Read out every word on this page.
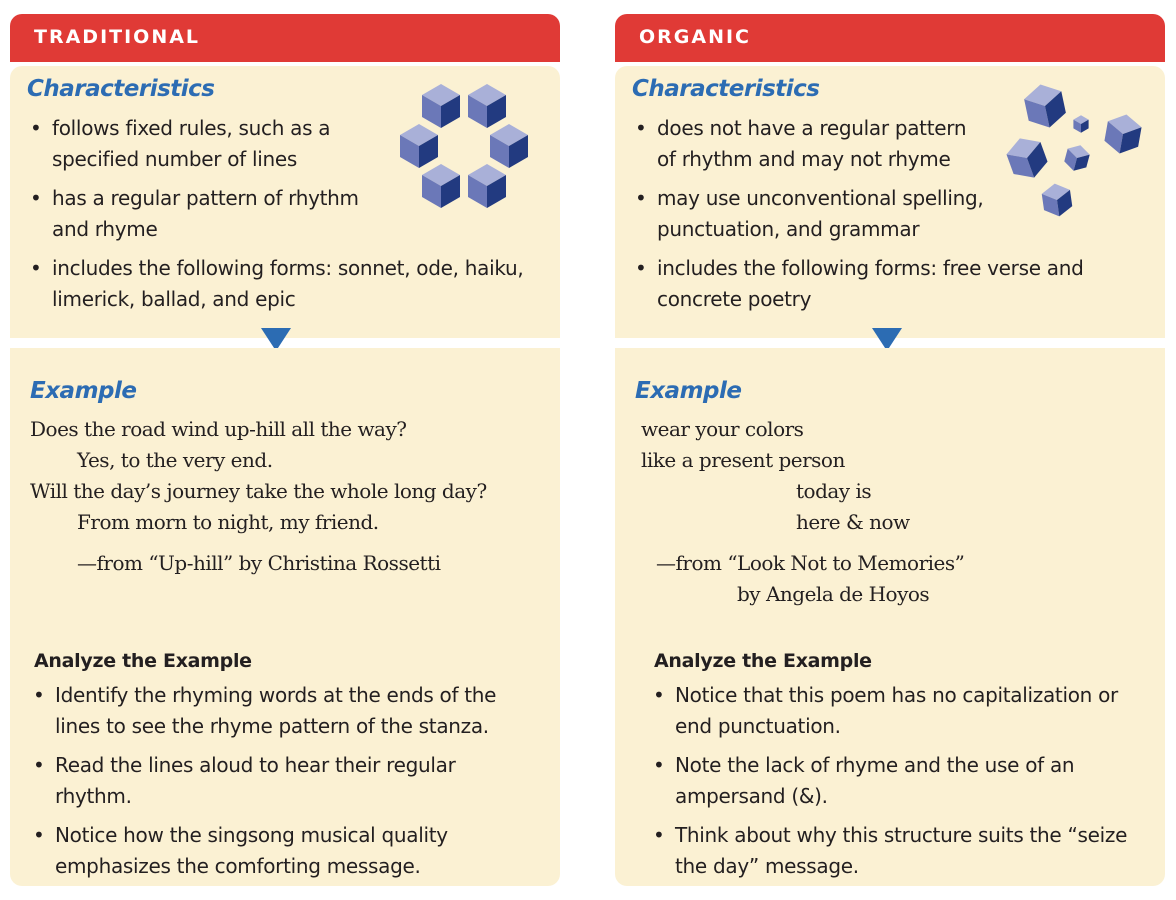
TRADITIONAL
Characteristics
• follows fixed rules, such as a specified number of lines
• has a regular pattern of rhythm and rhyme
• includes the following forms: sonnet, ode, haiku, limerick, ballad, and epic
Example
Does the road wind up-hill all the way?
Yes, to the very end.
Will the day’s journey take the whole long day?
From morn to night, my friend.
—from “Up-hill” by Christina Rossetti
Analyze the Example
• Identify the rhyming words at the ends of the lines to see the rhyme pattern of the stanza.
• Read the lines aloud to hear their regular rhythm.
• Notice how the singsong musical quality emphasizes the comforting message.
ORGANIC
Characteristics
• does not have a regular pattern of rhythm and may not rhyme
• may use unconventional spelling, punctuation, and grammar
• includes the following forms: free verse and concrete poetry
Example
wear your colors
like a present person
today is
here & now
—from “Look Not to Memories”
by Angela de Hoyos
Analyze the Example
• Notice that this poem has no capitalization or end punctuation.
• Note the lack of rhyme and the use of an ampersand (&).
• Think about why this structure suits the “seize the day” message.
